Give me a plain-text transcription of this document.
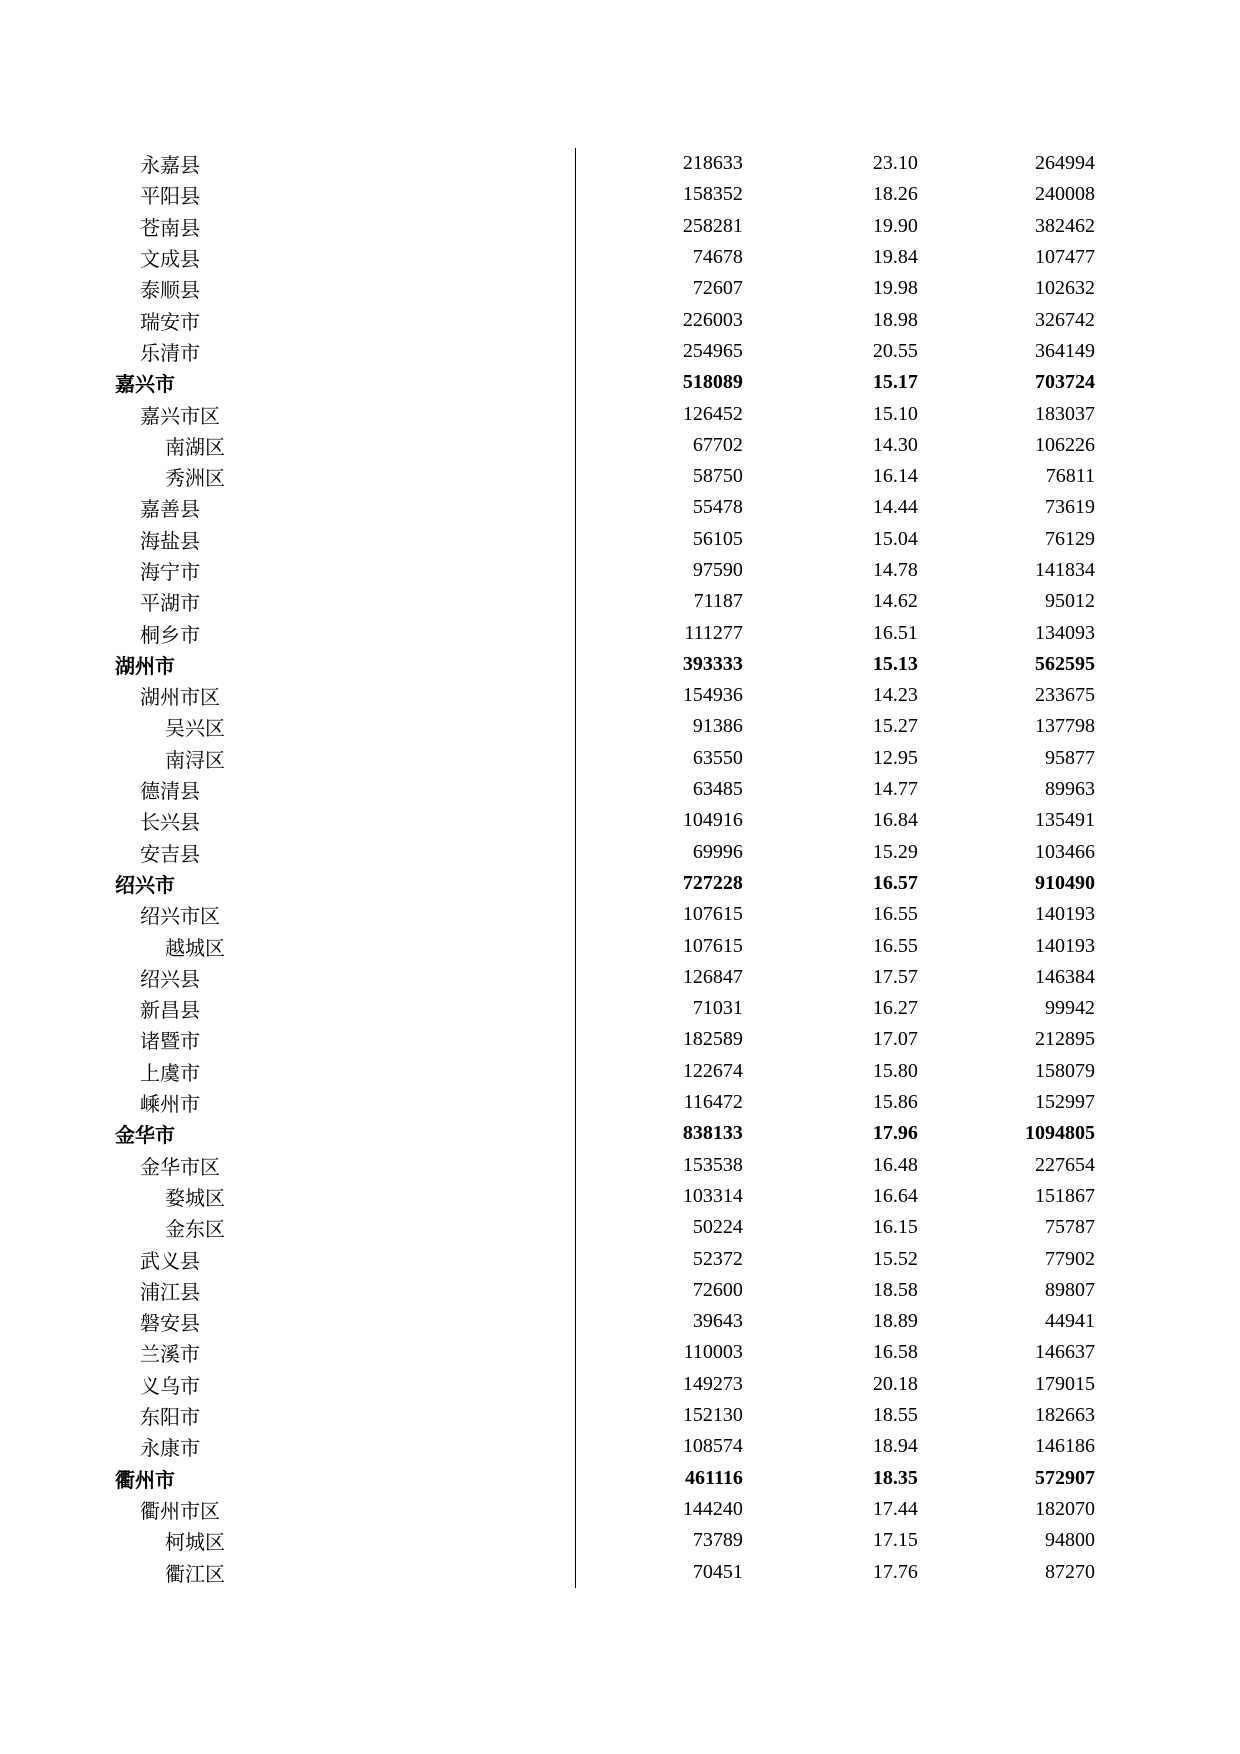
永嘉县	218633	23.10	264994
平阳县	158352	18.26	240008
苍南县	258281	19.90	382462
文成县	74678	19.84	107477
泰顺县	72607	19.98	102632
瑞安市	226003	18.98	326742
乐清市	254965	20.55	364149
嘉兴市	518089	15.17	703724
嘉兴市区	126452	15.10	183037
南湖区	67702	14.30	106226
秀洲区	58750	16.14	76811
嘉善县	55478	14.44	73619
海盐县	56105	15.04	76129
海宁市	97590	14.78	141834
平湖市	71187	14.62	95012
桐乡市	111277	16.51	134093
湖州市	393333	15.13	562595
湖州市区	154936	14.23	233675
吴兴区	91386	15.27	137798
南浔区	63550	12.95	95877
德清县	63485	14.77	89963
长兴县	104916	16.84	135491
安吉县	69996	15.29	103466
绍兴市	727228	16.57	910490
绍兴市区	107615	16.55	140193
越城区	107615	16.55	140193
绍兴县	126847	17.57	146384
新昌县	71031	16.27	99942
诸暨市	182589	17.07	212895
上虞市	122674	15.80	158079
嵊州市	116472	15.86	152997
金华市	838133	17.96	1094805
金华市区	153538	16.48	227654
婺城区	103314	16.64	151867
金东区	50224	16.15	75787
武义县	52372	15.52	77902
浦江县	72600	18.58	89807
磐安县	39643	18.89	44941
兰溪市	110003	16.58	146637
义乌市	149273	20.18	179015
东阳市	152130	18.55	182663
永康市	108574	18.94	146186
衢州市	461116	18.35	572907
衢州市区	144240	17.44	182070
柯城区	73789	17.15	94800
衢江区	70451	17.76	87270
